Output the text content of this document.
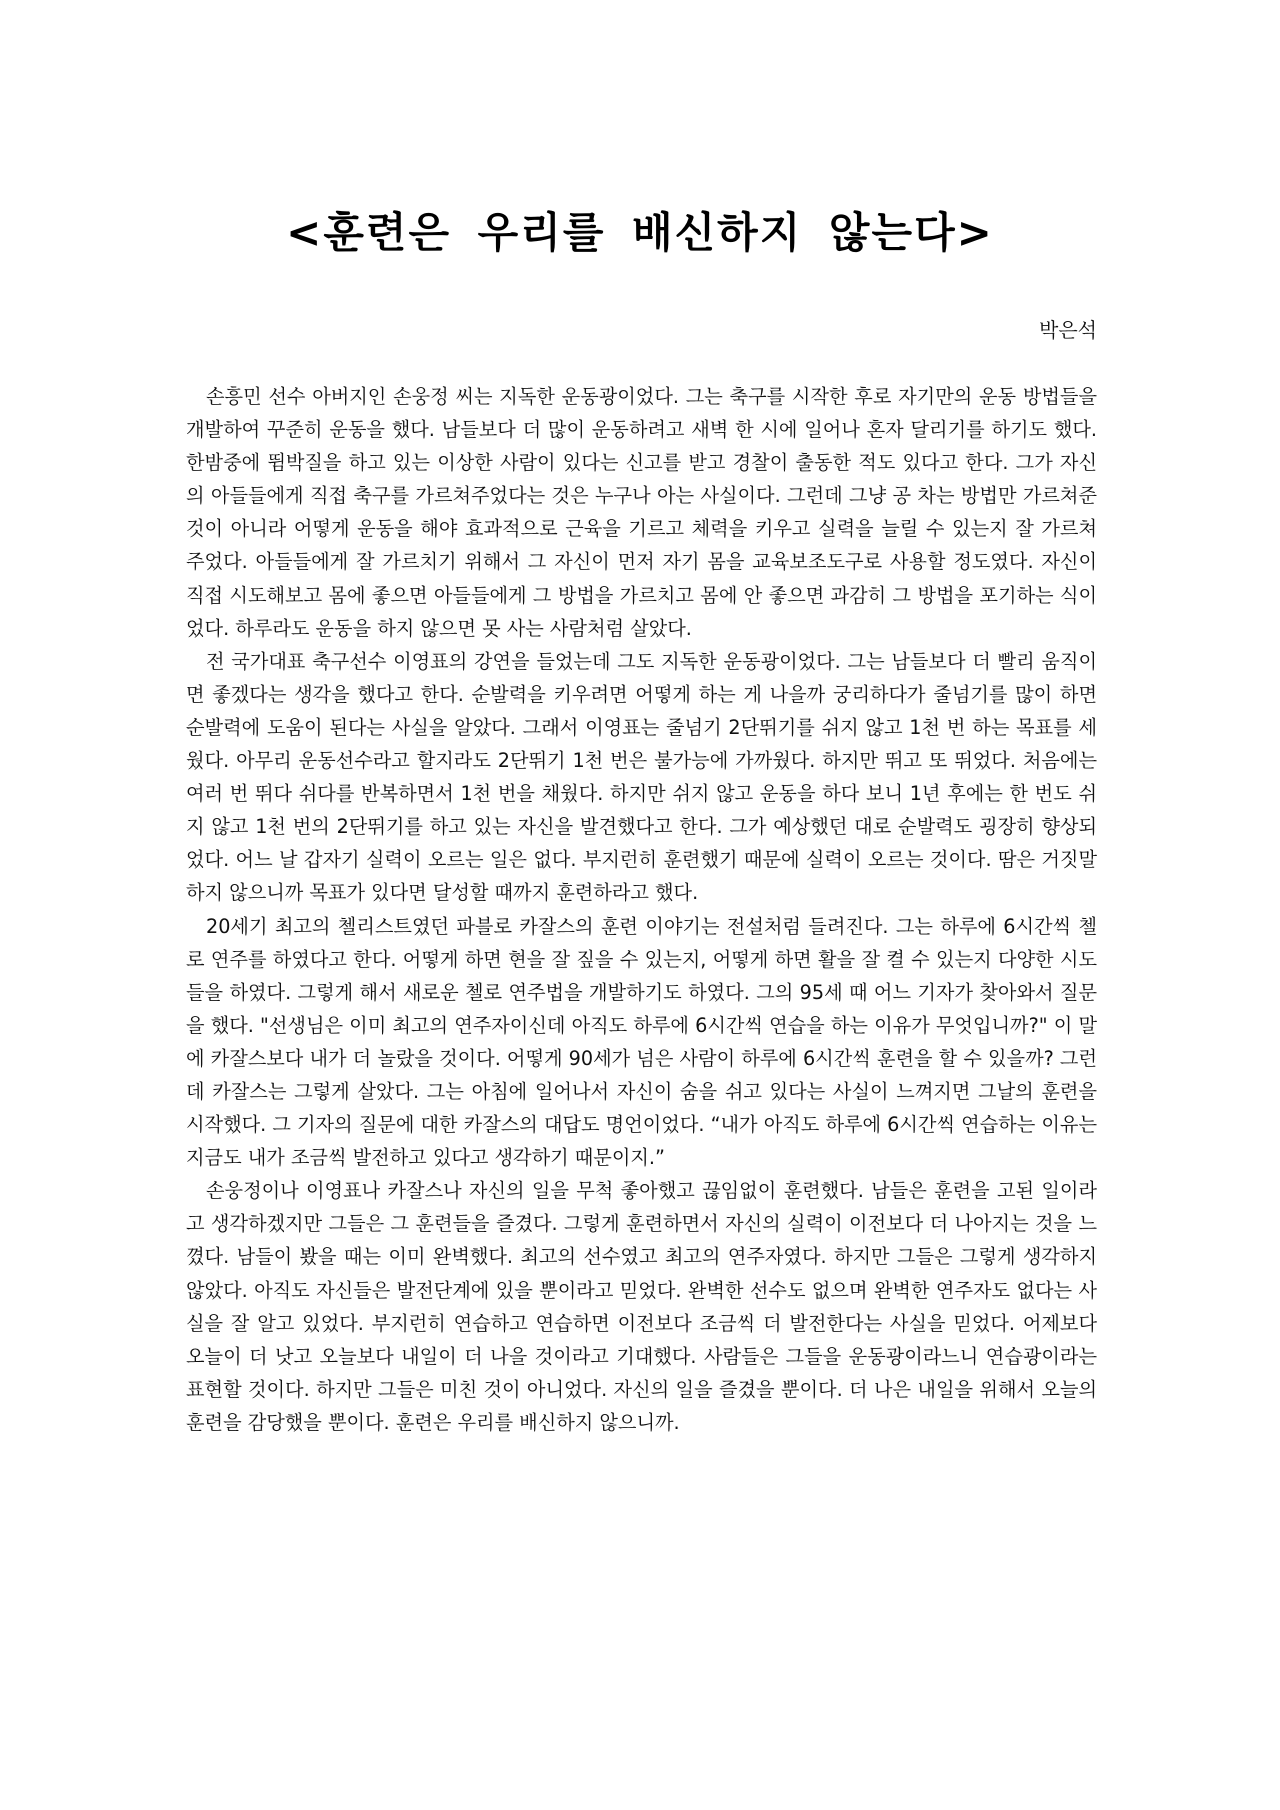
<훈련은 우리를 배신하지 않는다>

박은석

손흥민 선수 아버지인 손웅정 씨는 지독한 운동광이었다. 그는 축구를 시작한 후로 자기만의 운동 방법들을 개발하여 꾸준히 운동을 했다. 남들보다 더 많이 운동하려고 새벽 한 시에 일어나 혼자 달리기를 하기도 했다. 한밤중에 뜀박질을 하고 있는 이상한 사람이 있다는 신고를 받고 경찰이 출동한 적도 있다고 한다. 그가 자신의 아들들에게 직접 축구를 가르쳐주었다는 것은 누구나 아는 사실이다. 그런데 그냥 공 차는 방법만 가르쳐준 것이 아니라 어떻게 운동을 해야 효과적으로 근육을 기르고 체력을 키우고 실력을 늘릴 수 있는지 잘 가르쳐 주었다. 아들들에게 잘 가르치기 위해서 그 자신이 먼저 자기 몸을 교육보조도구로 사용할 정도였다. 자신이 직접 시도해보고 몸에 좋으면 아들들에게 그 방법을 가르치고 몸에 안 좋으면 과감히 그 방법을 포기하는 식이었다. 하루라도 운동을 하지 않으면 못 사는 사람처럼 살았다.

전 국가대표 축구선수 이영표의 강연을 들었는데 그도 지독한 운동광이었다. 그는 남들보다 더 빨리 움직이면 좋겠다는 생각을 했다고 한다. 순발력을 키우려면 어떻게 하는 게 나을까 궁리하다가 줄넘기를 많이 하면 순발력에 도움이 된다는 사실을 알았다. 그래서 이영표는 줄넘기 2단뛰기를 쉬지 않고 1천 번 하는 목표를 세웠다. 아무리 운동선수라고 할지라도 2단뛰기 1천 번은 불가능에 가까웠다. 하지만 뛰고 또 뛰었다. 처음에는 여러 번 뛰다 쉬다를 반복하면서 1천 번을 채웠다. 하지만 쉬지 않고 운동을 하다 보니 1년 후에는 한 번도 쉬지 않고 1천 번의 2단뛰기를 하고 있는 자신을 발견했다고 한다. 그가 예상했던 대로 순발력도 굉장히 향상되었다. 어느 날 갑자기 실력이 오르는 일은 없다. 부지런히 훈련했기 때문에 실력이 오르는 것이다. 땀은 거짓말하지 않으니까 목표가 있다면 달성할 때까지 훈련하라고 했다.

20세기 최고의 첼리스트였던 파블로 카잘스의 훈련 이야기는 전설처럼 들려진다. 그는 하루에 6시간씩 첼로 연주를 하였다고 한다. 어떻게 하면 현을 잘 짚을 수 있는지, 어떻게 하면 활을 잘 켤 수 있는지 다양한 시도들을 하였다. 그렇게 해서 새로운 첼로 연주법을 개발하기도 하였다. 그의 95세 때 어느 기자가 찾아와서 질문을 했다. "선생님은 이미 최고의 연주자이신데 아직도 하루에 6시간씩 연습을 하는 이유가 무엇입니까?" 이 말에 카잘스보다 내가 더 놀랐을 것이다. 어떻게 90세가 넘은 사람이 하루에 6시간씩 훈련을 할 수 있을까? 그런데 카잘스는 그렇게 살았다. 그는 아침에 일어나서 자신이 숨을 쉬고 있다는 사실이 느껴지면 그날의 훈련을 시작했다. 그 기자의 질문에 대한 카잘스의 대답도 명언이었다. “내가 아직도 하루에 6시간씩 연습하는 이유는 지금도 내가 조금씩 발전하고 있다고 생각하기 때문이지.”

손웅정이나 이영표나 카잘스나 자신의 일을 무척 좋아했고 끊임없이 훈련했다. 남들은 훈련을 고된 일이라고 생각하겠지만 그들은 그 훈련들을 즐겼다. 그렇게 훈련하면서 자신의 실력이 이전보다 더 나아지는 것을 느꼈다. 남들이 봤을 때는 이미 완벽했다. 최고의 선수였고 최고의 연주자였다. 하지만 그들은 그렇게 생각하지 않았다. 아직도 자신들은 발전단계에 있을 뿐이라고 믿었다. 완벽한 선수도 없으며 완벽한 연주자도 없다는 사실을 잘 알고 있었다. 부지런히 연습하고 연습하면 이전보다 조금씩 더 발전한다는 사실을 믿었다. 어제보다 오늘이 더 낫고 오늘보다 내일이 더 나을 것이라고 기대했다. 사람들은 그들을 운동광이라느니 연습광이라는 표현할 것이다. 하지만 그들은 미친 것이 아니었다. 자신의 일을 즐겼을 뿐이다. 더 나은 내일을 위해서 오늘의 훈련을 감당했을 뿐이다. 훈련은 우리를 배신하지 않으니까.
